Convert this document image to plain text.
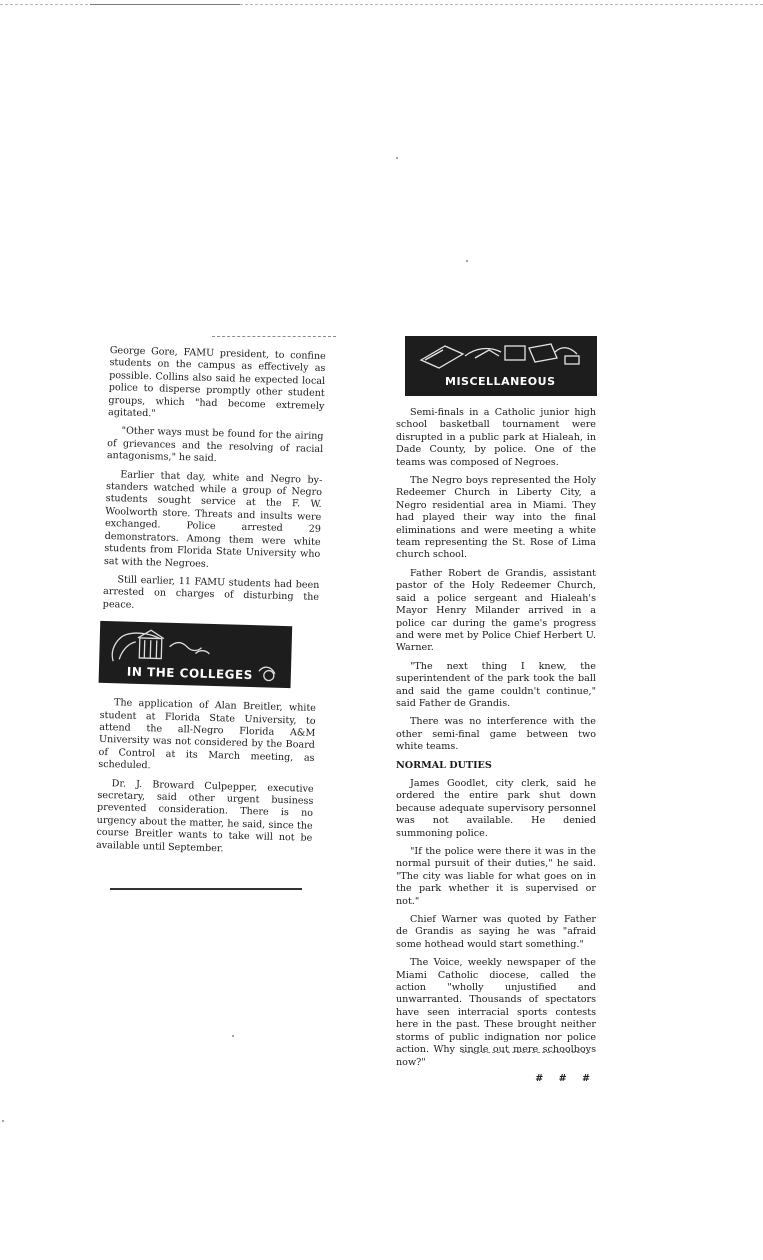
George Gore, FAMU president, to confine students on the campus as effectively as possible. Collins also said he expected local police to disperse promptly other student groups, which "had become extremely agitated."

"Other ways must be found for the airing of grievances and the resolving of racial antagonisms," he said.

Earlier that day, white and Negro by-standers watched while a group of Negro students sought service at the F. W. Woolworth store. Threats and insults were exchanged. Police arrested 29 demonstrators. Among them were white students from Florida State University who sat with the Negroes.

Still earlier, 11 FAMU students had been arrested on charges of disturbing the peace.

IN THE COLLEGES

The application of Alan Breitler, white student at Florida State University, to attend the all-Negro Florida A&M University was not considered by the Board of Control at its March meeting, as scheduled.

Dr. J. Broward Culpepper, executive secretary, said other urgent business prevented consideration. There is no urgency about the matter, he said, since the course Breitler wants to take will not be available until September.

MISCELLANEOUS

Semi-finals in a Catholic junior high school basketball tournament were disrupted in a public park at Hialeah, in Dade County, by police. One of the teams was composed of Negroes.

The Negro boys represented the Holy Redeemer Church in Liberty City, a Negro residential area in Miami. They had played their way into the final eliminations and were meeting a white team representing the St. Rose of Lima church school.

Father Robert de Grandis, assistant pastor of the Holy Redeemer Church, said a police sergeant and Hialeah's Mayor Henry Milander arrived in a police car during the game's progress and were met by Police Chief Herbert U. Warner.

"The next thing I knew, the superintendent of the park took the ball and said the game couldn't continue," said Father de Grandis.

There was no interference with the other semi-final game between two white teams.

NORMAL DUTIES

James Goodlet, city clerk, said he ordered the entire park shut down because adequate supervisory personnel was not available. He denied summoning police.

"If the police were there it was in the normal pursuit of their duties," he said. "The city was liable for what goes on in the park whether it is supervised or not."

Chief Warner was quoted by Father de Grandis as saying he was "afraid some hothead would start something."

The Voice, weekly newspaper of the Miami Catholic diocese, called the action "wholly unjustified and unwarranted. Thousands of spectators have seen interracial sports contests here in the past. These brought neither storms of public indignation nor police action. Why single out mere schoolboys now?"

# # #
